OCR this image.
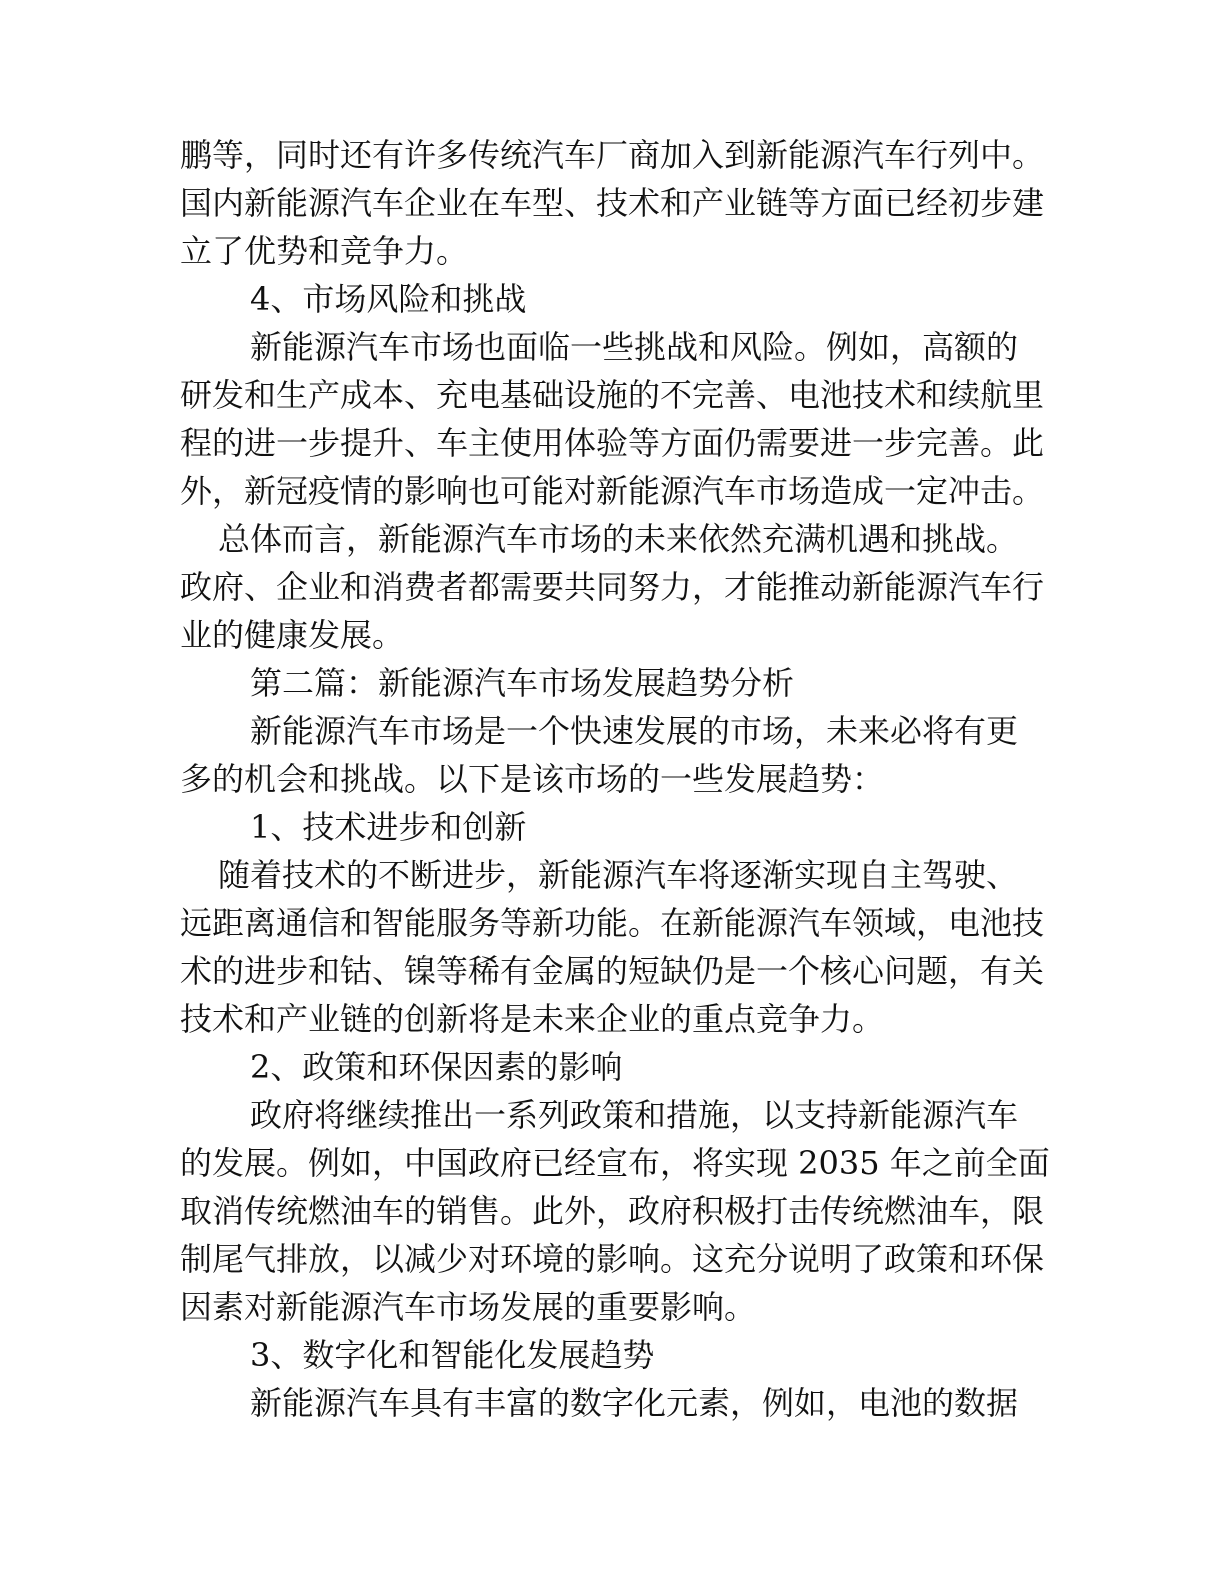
鹏等，同时还有许多传统汽车厂商加入到新能源汽车行列中。
国内新能源汽车企业在车型、技术和产业链等方面已经初步建
立了优势和竞争力。
4、市场风险和挑战
新能源汽车市场也面临一些挑战和风险。例如，高额的
研发和生产成本、充电基础设施的不完善、电池技术和续航里
程的进一步提升、车主使用体验等方面仍需要进一步完善。此
外，新冠疫情的影响也可能对新能源汽车市场造成一定冲击。
总体而言，新能源汽车市场的未来依然充满机遇和挑战。
政府、企业和消费者都需要共同努力，才能推动新能源汽车行
业的健康发展。
第二篇：新能源汽车市场发展趋势分析
新能源汽车市场是一个快速发展的市场，未来必将有更
多的机会和挑战。以下是该市场的一些发展趋势：
1、技术进步和创新
随着技术的不断进步，新能源汽车将逐渐实现自主驾驶、
远距离通信和智能服务等新功能。在新能源汽车领域，电池技
术的进步和钴、镍等稀有金属的短缺仍是一个核心问题，有关
技术和产业链的创新将是未来企业的重点竞争力。
2、政策和环保因素的影响
政府将继续推出一系列政策和措施，以支持新能源汽车
的发展。例如，中国政府已经宣布，将实现 2035 年之前全面
取消传统燃油车的销售。此外，政府积极打击传统燃油车，限
制尾气排放，以减少对环境的影响。这充分说明了政策和环保
因素对新能源汽车市场发展的重要影响。
3、数字化和智能化发展趋势
新能源汽车具有丰富的数字化元素，例如，电池的数据
